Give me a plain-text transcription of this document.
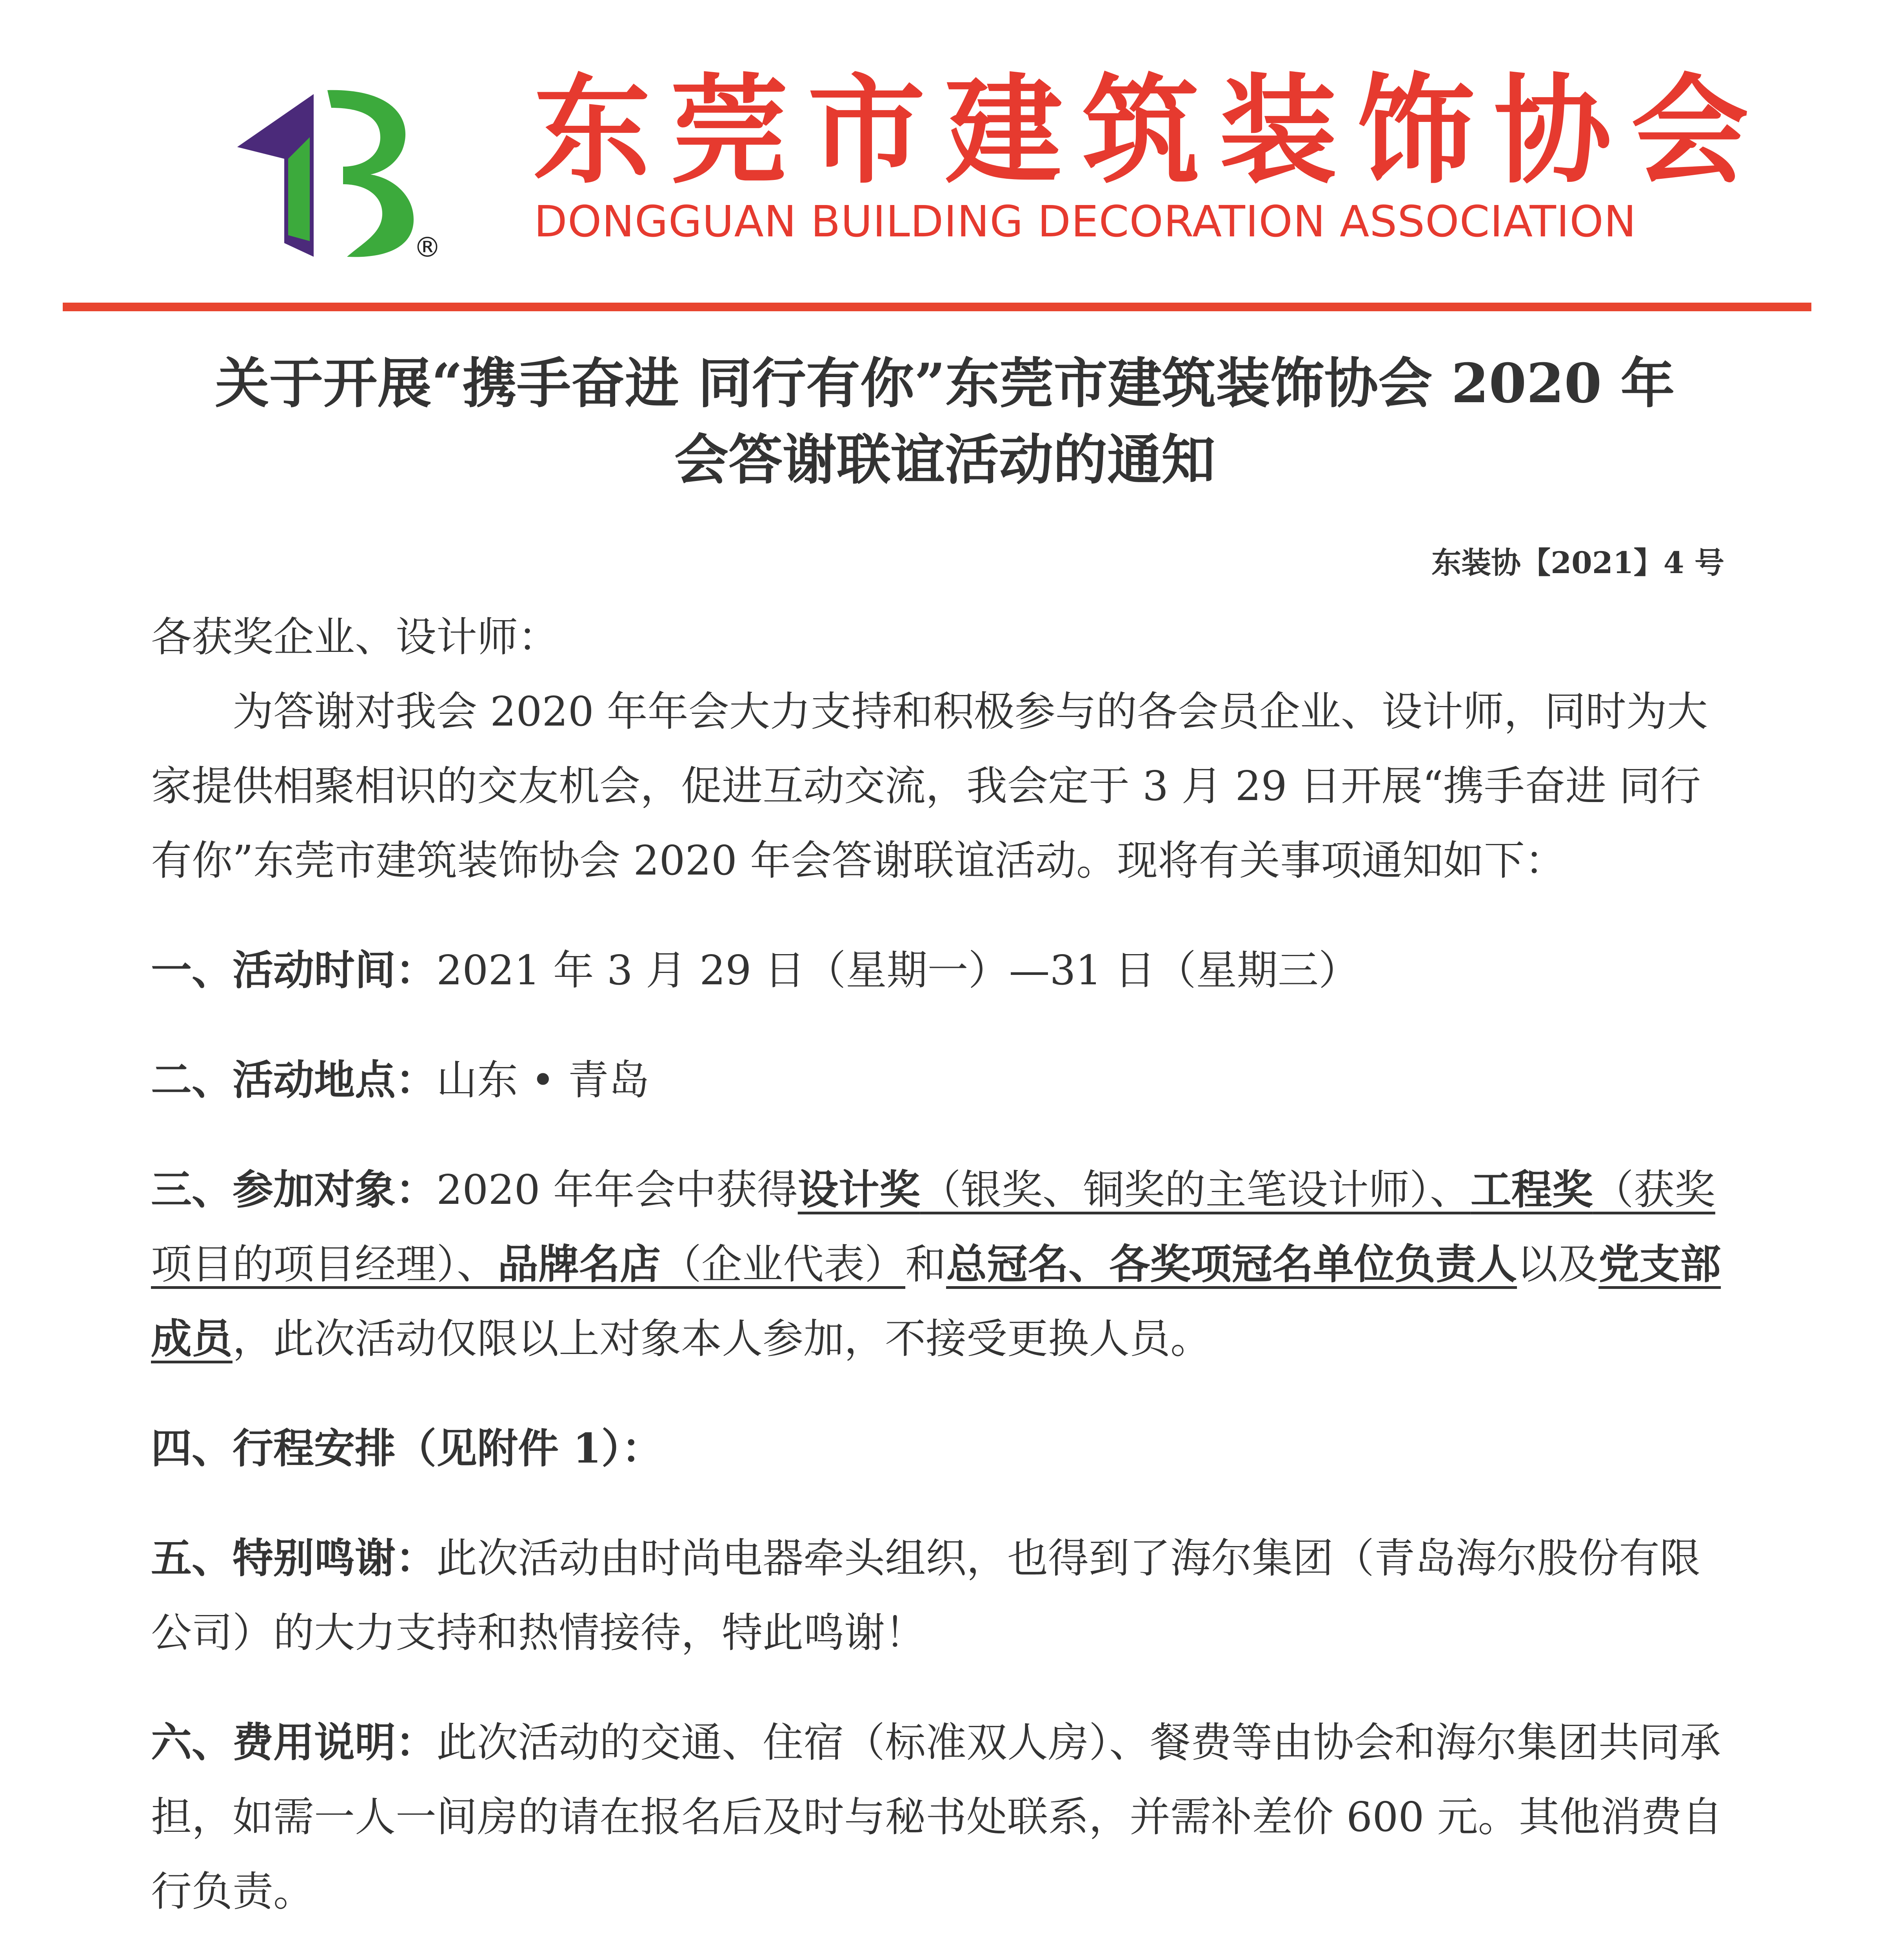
®
东莞市建筑装饰协会
DONGGUAN BUILDING DECORATION ASSOCIATION
关于开展“携手奋进 同行有你”东莞市建筑装饰协会 2020 年
会答谢联谊活动的通知
东装协【2021】4 号

各获奖企业、设计师：

为答谢对我会 2020 年年会大力支持和积极参与的各会员企业、设计师，同时为大家提供相聚相识的交友机会，促进互动交流，我会定于 3 月 29 日开展“携手奋进 同行有你”东莞市建筑装饰协会 2020 年会答谢联谊活动。现将有关事项通知如下：

一、活动时间：2021 年 3 月 29 日（星期一）—31 日（星期三）

二、活动地点：山东 • 青岛

三、参加对象：2020 年年会中获得设计奖（银奖、铜奖的主笔设计师）、工程奖（获奖项目的项目经理）、品牌名店（企业代表）和总冠名、各奖项冠名单位负责人以及党支部成员，此次活动仅限以上对象本人参加，不接受更换人员。

四、行程安排（见附件 1）：

五、特别鸣谢：此次活动由时尚电器牵头组织，也得到了海尔集团（青岛海尔股份有限公司）的大力支持和热情接待，特此鸣谢！

六、费用说明：此次活动的交通、住宿（标准双人房）、餐费等由协会和海尔集团共同承担，如需一人一间房的请在报名后及时与秘书处联系，并需补差价 600 元。其他消费自行负责。
